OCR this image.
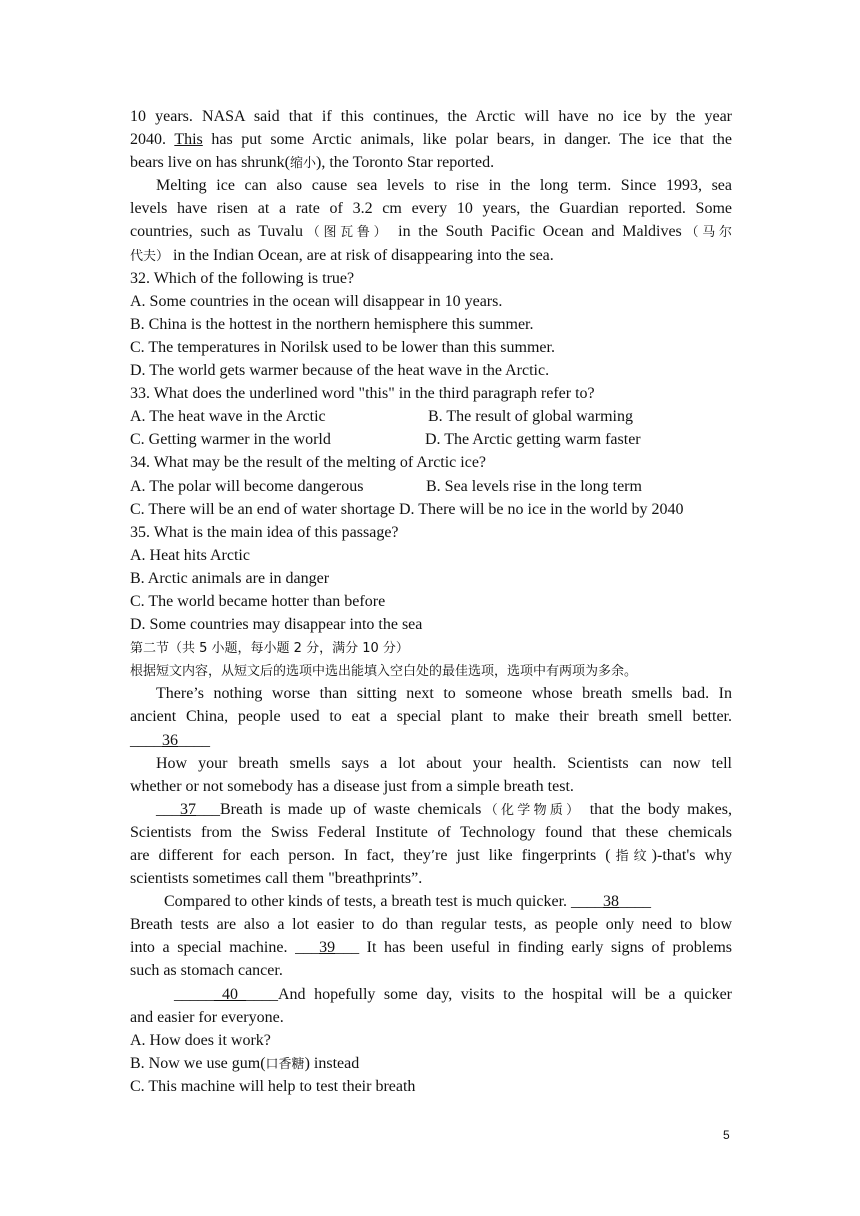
10 years. NASA said that if this continues, the Arctic will have no ice by the year
2040. This has put some Arctic animals, like polar bears, in danger. The ice that the
bears live on has shrunk(缩小), the Toronto Star reported.
Melting ice can also cause sea levels to rise in the long term. Since 1993, sea
levels have risen at a rate of 3.2 cm every 10 years, the Guardian reported. Some
countries, such as Tuvalu（图瓦鲁） in the South Pacific Ocean and Maldives（马尔
代夫） in the Indian Ocean, are at risk of disappearing into the sea.
32. Which of the following is true?
A. Some countries in the ocean will disappear in 10 years.
B. China is the hottest in the northern hemisphere this summer.
C. The temperatures in Norilsk used to be lower than this summer.
D. The world gets warmer because of the heat wave in the Arctic.
33. What does the underlined word "this" in the third paragraph refer to?
A. The heat wave in the Arctic	B. The result of global warming
C. Getting warmer in the world	D. The Arctic getting warm faster
34. What may be the result of the melting of Arctic ice?
A. The polar will become dangerous	B. Sea levels rise in the long term
C. There will be an end of water shortage D. There will be no ice in the world by 2040
35. What is the main idea of this passage?
A. Heat hits Arctic
B. Arctic animals are in danger
C. The world became hotter than before
D. Some countries may disappear into the sea
第二节（共 5 小题，每小题 2 分，满分 10 分）
根据短文内容，从短文后的选项中选出能填入空白处的最佳选项，选项中有两项为多余。
There’s nothing worse than sitting next to someone whose breath smells bad. In
ancient China, people used to eat a special plant to make their breath smell better.
____36____
How your breath smells says a lot about your health. Scientists can now tell
whether or not somebody has a disease just from a simple breath test.
___37___Breath is made up of waste chemicals（化学物质） that the body makes,
Scientists from the Swiss Federal Institute of Technology found that these chemicals
are different for each person. In fact, they’re just like fingerprints (指纹)-that's why
scientists sometimes call them "breathprints”.
Compared to other kinds of tests, a breath test is much quicker. ____38____
Breath tests are also a lot easier to do than regular tests, as people only need to blow
into a special machine. ___39___ It has been useful in finding early signs of problems
such as stomach cancer.
______40_____And hopefully some day, visits to the hospital will be a quicker
and easier for everyone.
A. How does it work?
B. Now we use gum(口香糖) instead
C. This machine will help to test their breath
5
